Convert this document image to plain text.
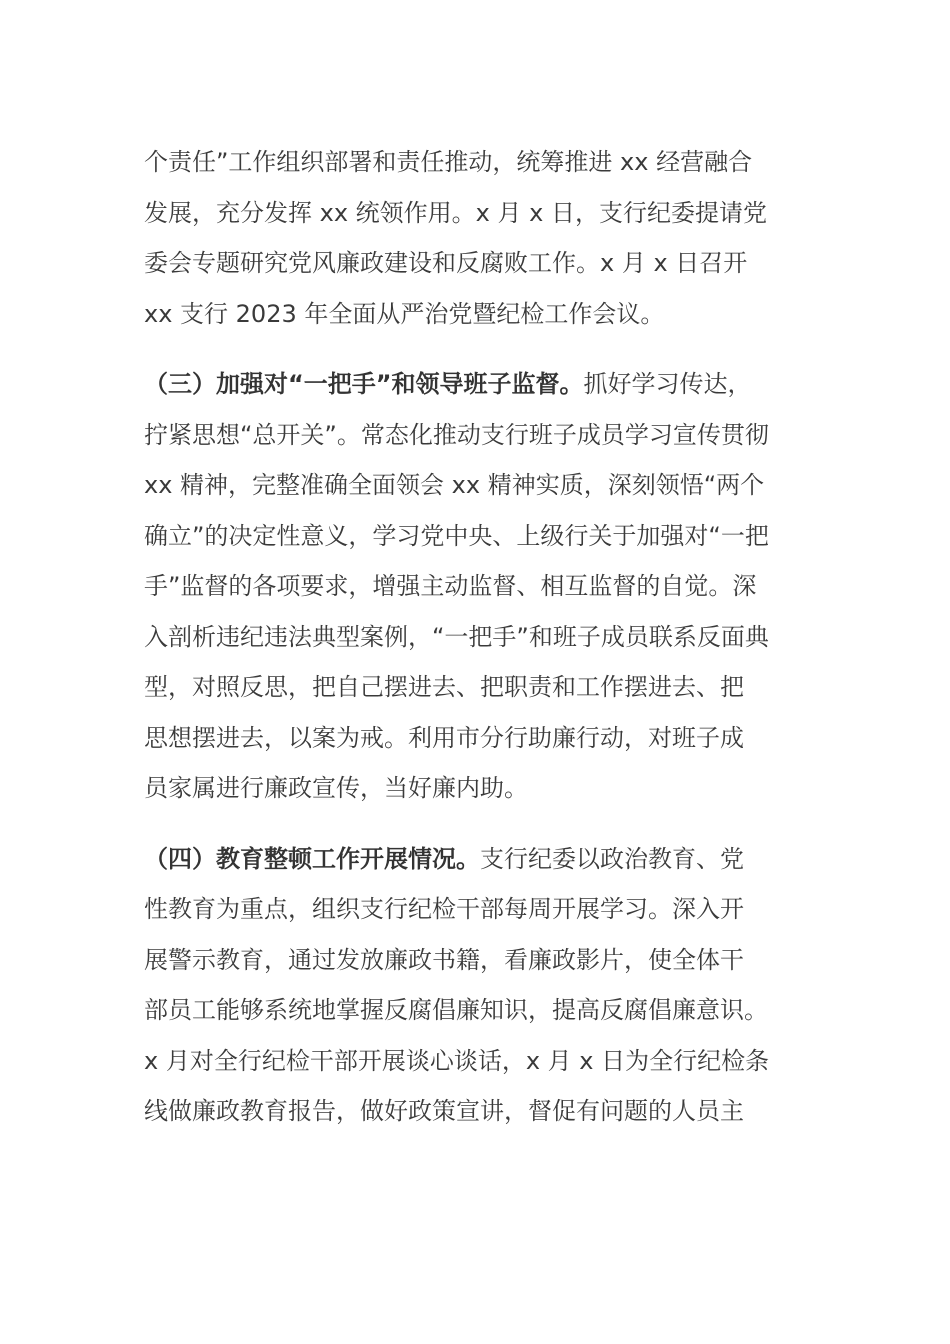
个责任”工作组织部署和责任推动，统筹推进 xx 经营融合
发展，充分发挥 xx 统领作用。x 月 x 日，支行纪委提请党
委会专题研究党风廉政建设和反腐败工作。x 月 x 日召开
xx 支行 2023 年全面从严治党暨纪检工作会议。
（三）加强对“一把手”和领导班子监督。抓好学习传达，
拧紧思想“总开关”。常态化推动支行班子成员学习宣传贯彻
xx 精神，完整准确全面领会 xx 精神实质，深刻领悟“两个
确立”的决定性意义，学习党中央、上级行关于加强对“一把
手”监督的各项要求，增强主动监督、相互监督的自觉。深
入剖析违纪违法典型案例，“一把手”和班子成员联系反面典
型，对照反思，把自己摆进去、把职责和工作摆进去、把
思想摆进去，以案为戒。利用市分行助廉行动，对班子成
员家属进行廉政宣传，当好廉内助。
（四）教育整顿工作开展情况。支行纪委以政治教育、党
性教育为重点，组织支行纪检干部每周开展学习。深入开
展警示教育，通过发放廉政书籍，看廉政影片，使全体干
部员工能够系统地掌握反腐倡廉知识，提高反腐倡廉意识。
x 月对全行纪检干部开展谈心谈话，x 月 x 日为全行纪检条
线做廉政教育报告，做好政策宣讲，督促有问题的人员主
